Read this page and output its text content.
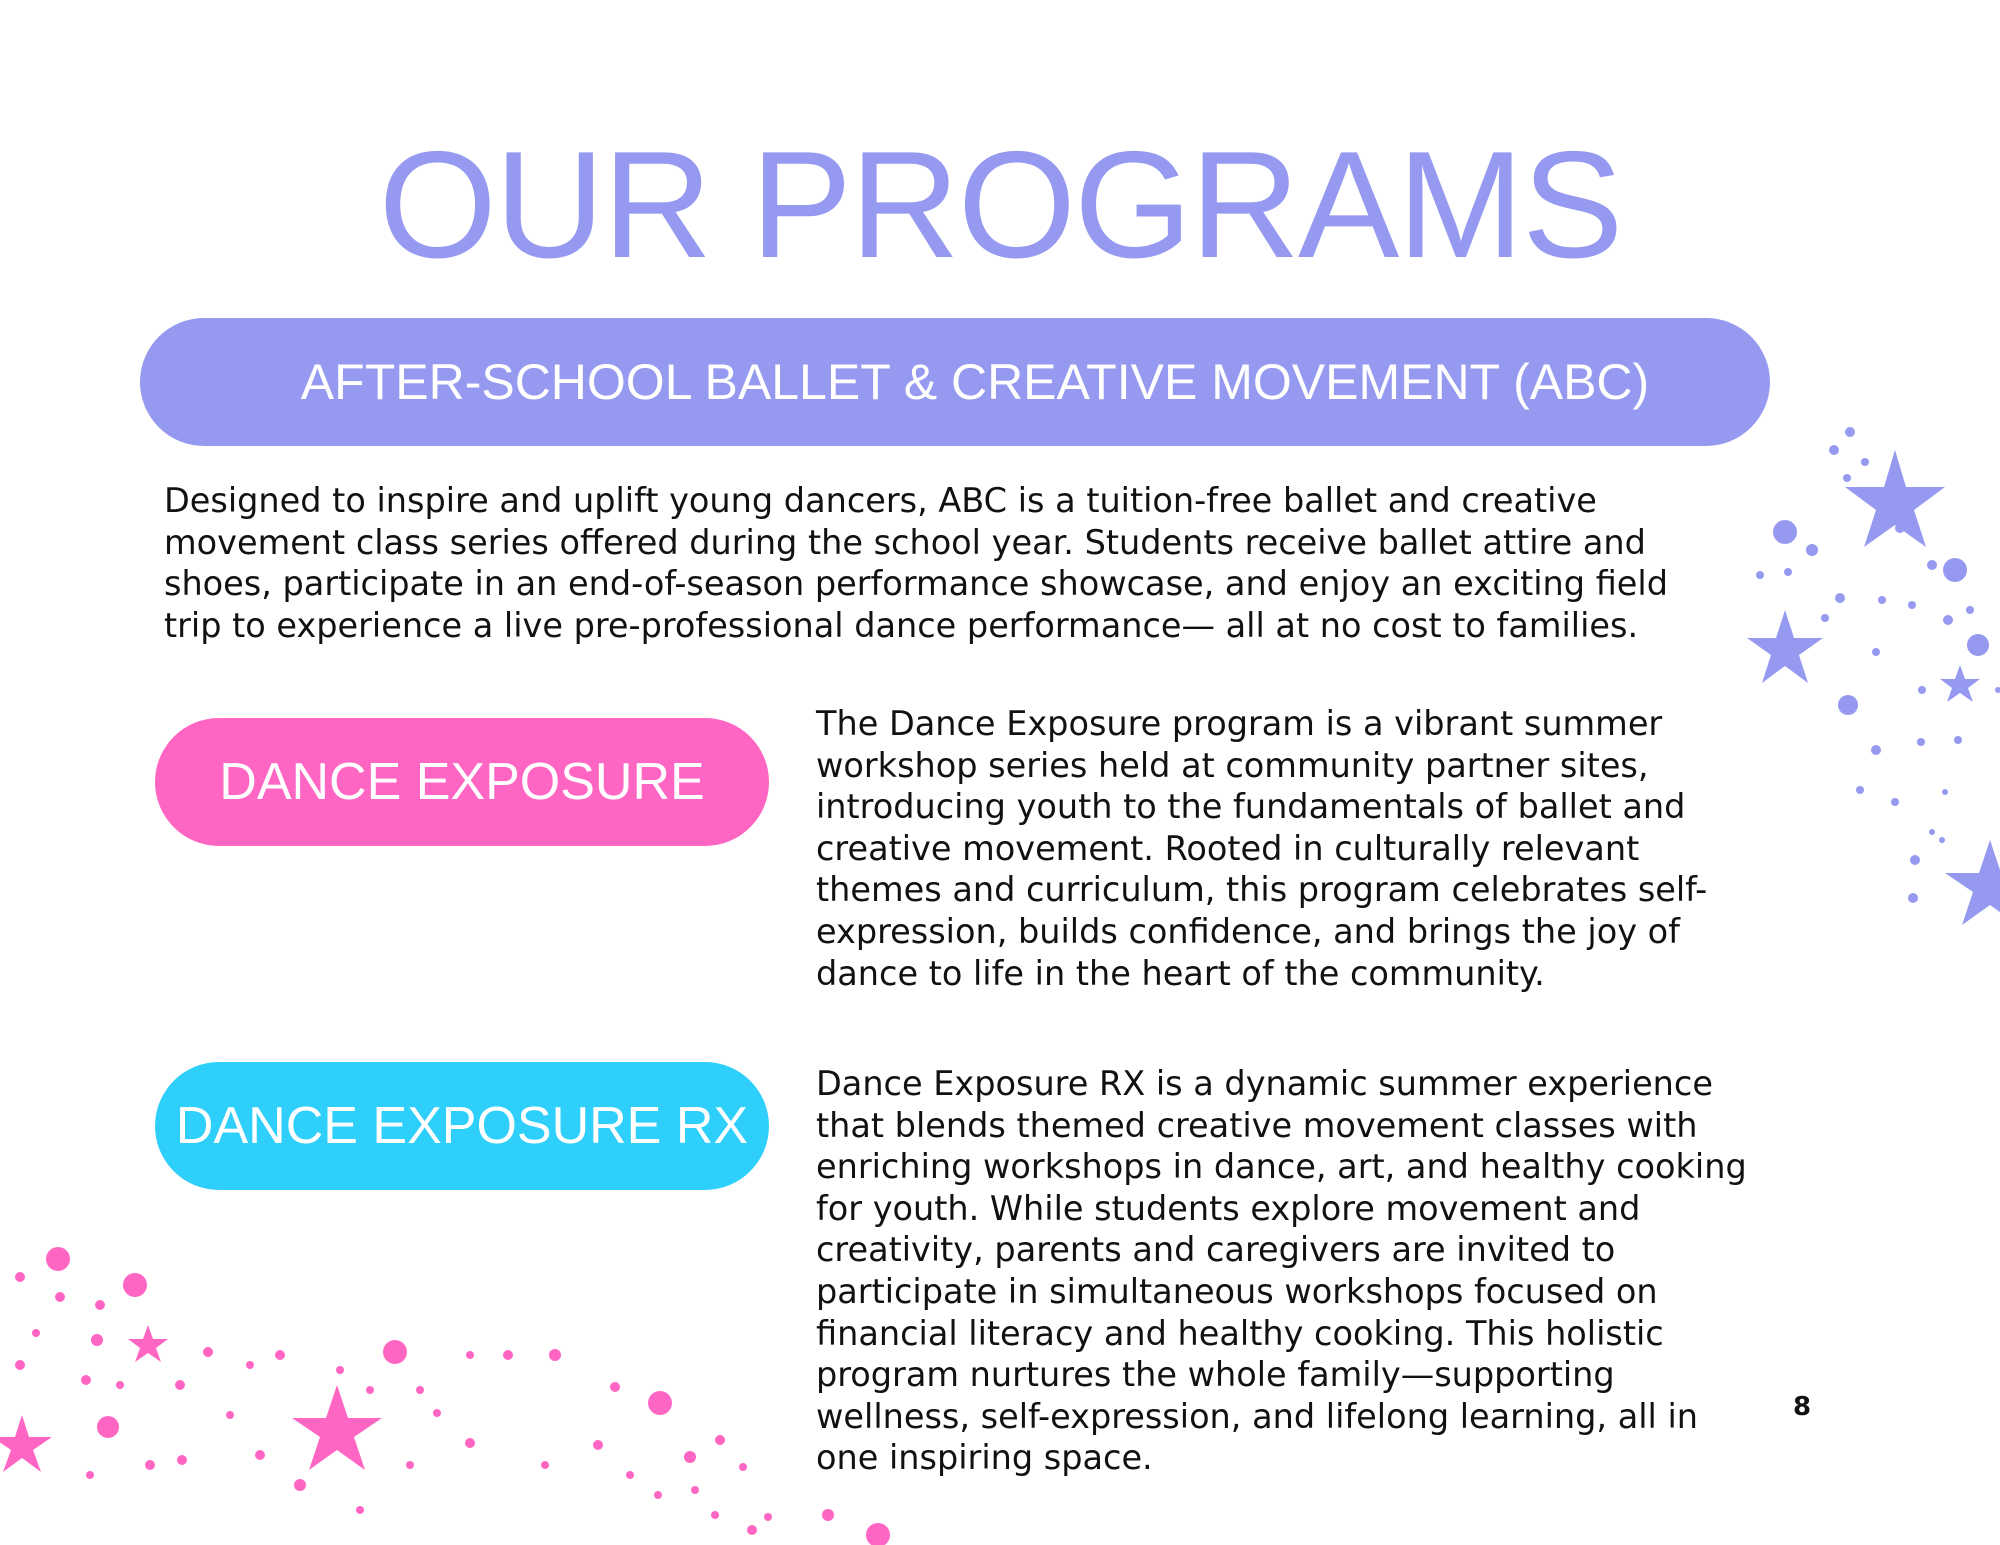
OUR PROGRAMS
AFTER-SCHOOL BALLET & CREATIVE MOVEMENT (ABC)

Designed to inspire and uplift young dancers, ABC is a tuition-free ballet and creative movement class series offered during the school year. Students receive ballet attire and shoes, participate in an end-of-season performance showcase, and enjoy an exciting field trip to experience a live pre-professional dance performance— all at no cost to families.

DANCE EXPOSURE

The Dance Exposure program is a vibrant summer workshop series held at community partner sites, introducing youth to the fundamentals of ballet and creative movement. Rooted in culturally relevant themes and curriculum, this program celebrates self-expression, builds confidence, and brings the joy of dance to life in the heart of the community.

DANCE EXPOSURE RX

Dance Exposure RX is a dynamic summer experience that blends themed creative movement classes with enriching workshops in dance, art, and healthy cooking for youth. While students explore movement and creativity, parents and caregivers are invited to participate in simultaneous workshops focused on financial literacy and healthy cooking. This holistic program nurtures the whole family—supporting wellness, self-expression, and lifelong learning, all in one inspiring space.

8
